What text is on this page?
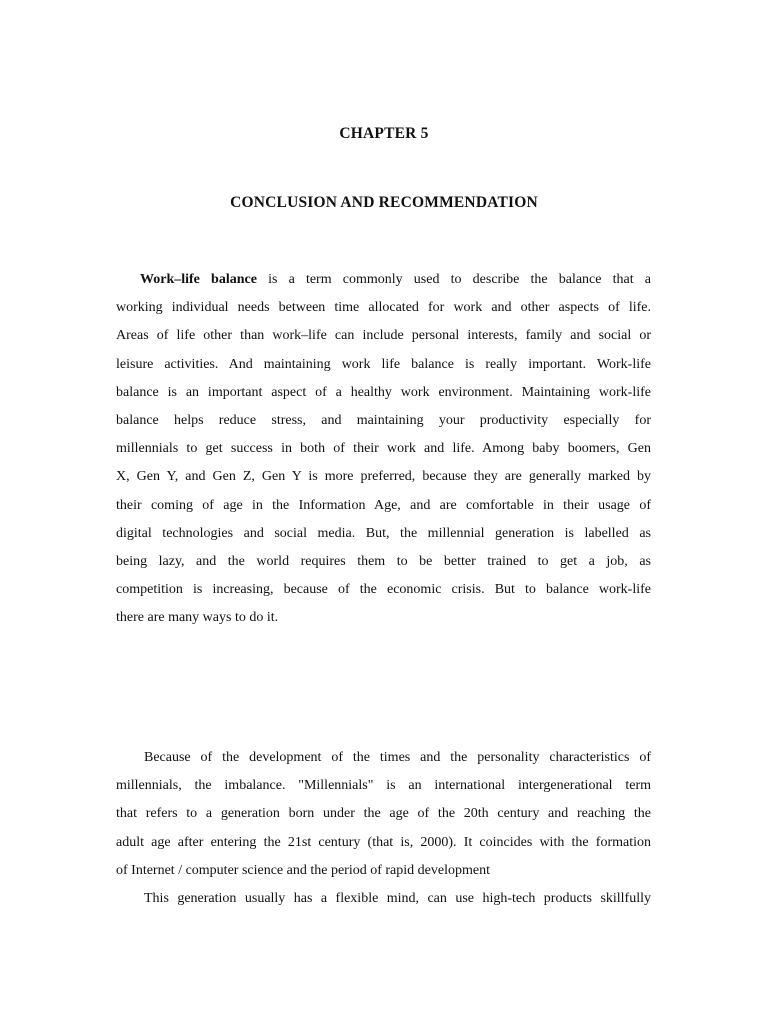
CHAPTER 5
CONCLUSION AND RECOMMENDATION
Work–life balance is a term commonly used to describe the balance that a
working individual needs between time allocated for work and other aspects of life.
Areas of life other than work–life can include personal interests, family and social or
leisure activities. And maintaining work life balance is really important. Work-life
balance is an important aspect of a healthy work environment. Maintaining work-life
balance helps reduce stress, and maintaining your productivity especially for
millennials to get success in both of their work and life. Among baby boomers, Gen
X, Gen Y, and Gen Z, Gen Y is more preferred, because they are generally marked by
their coming of age in the Information Age, and are comfortable in their usage of
digital technologies and social media. But, the millennial generation is labelled as
being lazy, and the world requires them to be better trained to get a job, as
competition is increasing, because of the economic crisis. But to balance work-life
there are many ways to do it.
Because of the development of the times and the personality characteristics of
millennials, the imbalance. "Millennials" is an international intergenerational term
that refers to a generation born under the age of the 20th century and reaching the
adult age after entering the 21st century (that is, 2000). It coincides with the formation
of Internet / computer science and the period of rapid development
This generation usually has a flexible mind, can use high-tech products skillfully
